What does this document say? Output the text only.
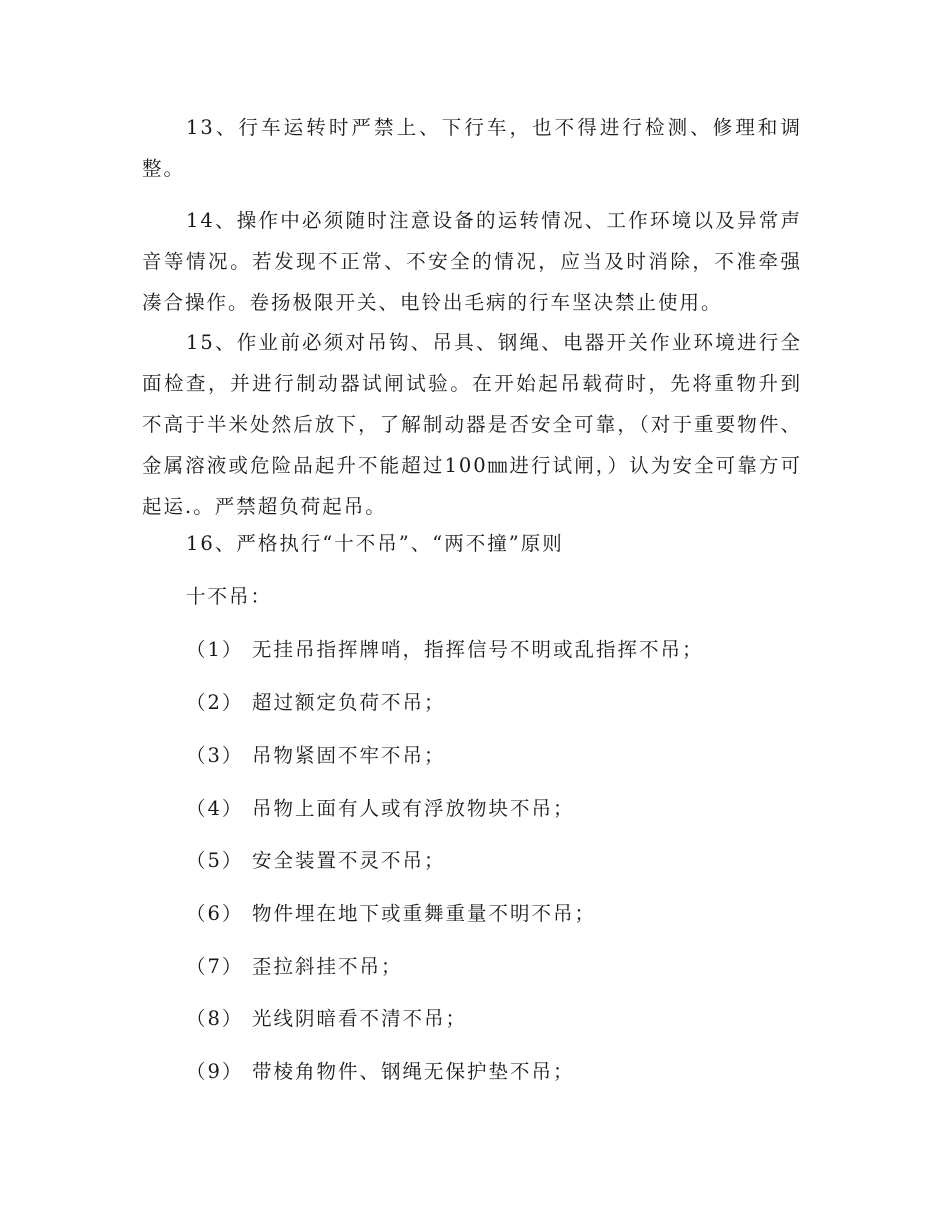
13、行车运转时严禁上、下行车，也不得进行检测、修理和调整。

14、操作中必须随时注意设备的运转情况、工作环境以及异常声音等情况。若发现不正常、不安全的情况，应当及时消除，不准牵强凑合操作。卷扬极限开关、电铃出毛病的行车坚决禁止使用。

15、作业前必须对吊钩、吊具、钢绳、电器开关作业环境进行全面检查，并进行制动器试闸试验。在开始起吊载荷时，先将重物升到不高于半米处然后放下，了解制动器是否安全可靠，（对于重要物件、金属溶液或危险品起升不能超过100㎜进行试闸，）认为安全可靠方可起运.。严禁超负荷起吊。

16、严格执行“十不吊”、“两不撞”原则

十不吊：

（1） 无挂吊指挥牌哨，指挥信号不明或乱指挥不吊；
（2） 超过额定负荷不吊；
（3） 吊物紧固不牢不吊；
（4） 吊物上面有人或有浮放物块不吊；
（5） 安全装置不灵不吊；
（6） 物件埋在地下或重舞重量不明不吊；
（7） 歪拉斜挂不吊；
（8） 光线阴暗看不清不吊；
（9） 带棱角物件、钢绳无保护垫不吊；
